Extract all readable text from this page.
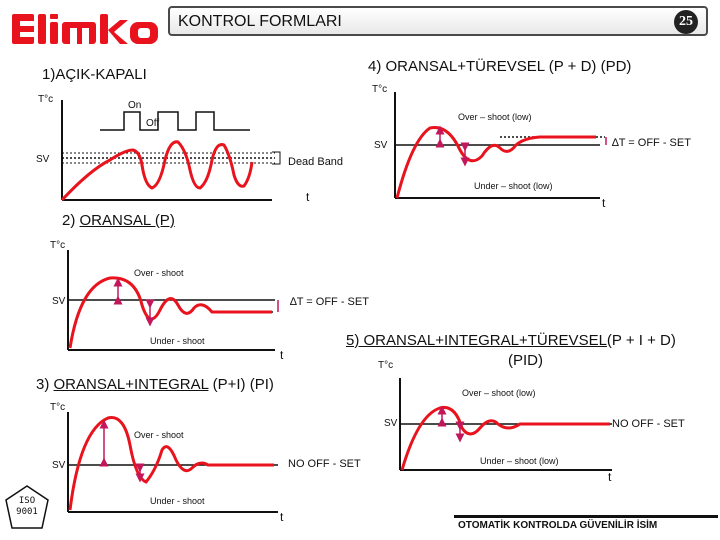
KONTROL FORMLARI	25
1)AÇIK-KAPALI
T°c
On
Off
SV	Dead Band
t
4) ORANSAL+TÜREVSEL (P + D) (PD)
T°c
Over – shoot (low)
SV	∆T = OFF - SET
Under – shoot (low)
t
2) ORANSAL (P)
T°c
Over - shoot
SV	∆T = OFF - SET
Under - shoot
t
5) ORANSAL+INTEGRAL+TÜREVSEL(P + I + D)
(PID)
T°c
Over – shoot (low)
SV	NO OFF - SET
Under – shoot (low)
t
3) ORANSAL+INTEGRAL (P+I) (PI)
T°c
Over - shoot
SV	NO OFF - SET
Under - shoot
t
ISO
9001
OTOMATİK KONTROLDA GÜVENİLİR İSİM
